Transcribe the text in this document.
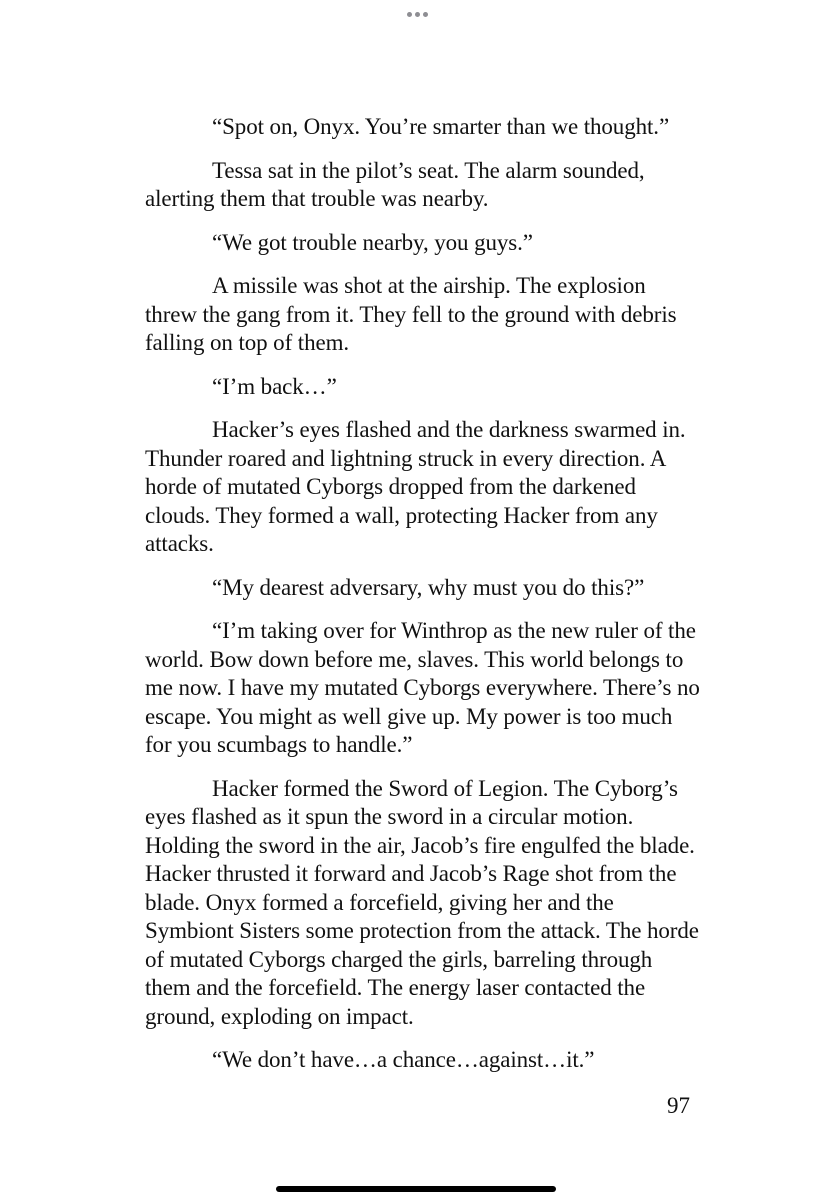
“Spot on, Onyx. You’re smarter than we thought.”

Tessa sat in the pilot’s seat. The alarm sounded, alerting them that trouble was nearby.

“We got trouble nearby, you guys.”

A missile was shot at the airship. The explosion threw the gang from it. They fell to the ground with debris falling on top of them.

“I’m back…”

Hacker’s eyes flashed and the darkness swarmed in. Thunder roared and lightning struck in every direction. A horde of mutated Cyborgs dropped from the darkened clouds. They formed a wall, protecting Hacker from any attacks.

“My dearest adversary, why must you do this?”

“I’m taking over for Winthrop as the new ruler of the world. Bow down before me, slaves. This world belongs to me now. I have my mutated Cyborgs everywhere. There’s no escape. You might as well give up. My power is too much for you scumbags to handle.”

Hacker formed the Sword of Legion. The Cyborg’s eyes flashed as it spun the sword in a circular motion. Holding the sword in the air, Jacob’s fire engulfed the blade. Hacker thrusted it forward and Jacob’s Rage shot from the blade. Onyx formed a forcefield, giving her and the Symbiont Sisters some protection from the attack. The horde of mutated Cyborgs charged the girls, barreling through them and the forcefield. The energy laser contacted the ground, exploding on impact.

“We don’t have…a chance…against…it.”

97
